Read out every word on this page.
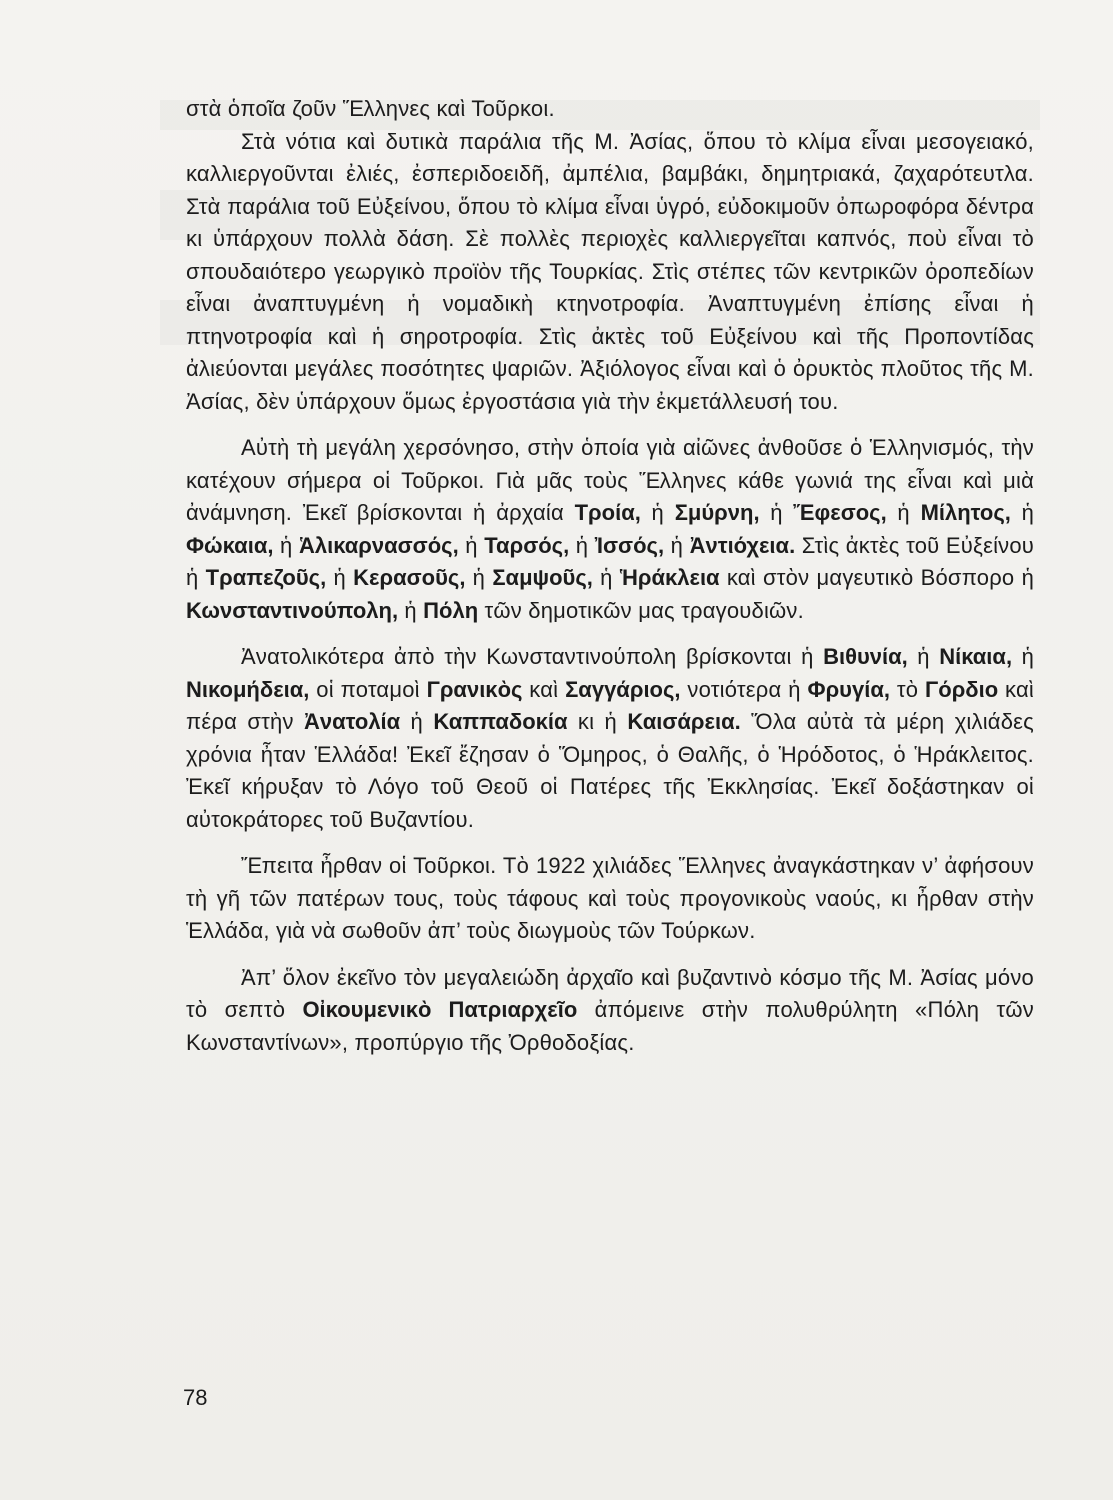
στὰ ὁποῖα ζοῦν Ἕλληνες καὶ Τοῦρκοι.

Στὰ νότια καὶ δυτικὰ παράλια τῆς Μ. Ἀσίας, ὅπου τὸ κλίμα εἶναι μεσογειακό, καλλιεργοῦνται ἐλιές, ἐσπεριδοειδῆ, ἀμπέλια, βαμβάκι, δημητριακά, ζαχαρότευτλα. Στὰ παράλια τοῦ Εὐξείνου, ὅπου τὸ κλίμα εἶναι ὑγρό, εὐδοκιμοῦν ὀπωροφόρα δέντρα κι ὑπάρχουν πολλὰ δάση. Σὲ πολλὲς περιοχὲς καλλιεργεῖται καπνός, ποὺ εἶναι τὸ σπουδαιότερο γεωργικὸ προϊὸν τῆς Τουρκίας. Στὶς στέπες τῶν κεντρικῶν ὀροπεδίων εἶναι ἀναπτυγμένη ἡ νομαδικὴ κτηνοτροφία. Ἀναπτυγμένη ἐπίσης εἶναι ἡ πτηνοτροφία καὶ ἡ σηροτροφία. Στὶς ἀκτὲς τοῦ Εὐξείνου καὶ τῆς Προποντίδας ἀλιεύονται μεγάλες ποσότητες ψαριῶν. Ἀξιόλογος εἶναι καὶ ὁ ὀρυκτὸς πλοῦτος τῆς Μ. Ἀσίας, δὲν ὑπάρχουν ὅμως ἐργοστάσια γιὰ τὴν ἐκμετάλλευσή του.

Αὐτὴ τὴ μεγάλη χερσόνησο, στὴν ὁποία γιὰ αἰῶνες ἀνθοῦσε ὁ Ἑλληνισμός, τὴν κατέχουν σήμερα οἱ Τοῦρκοι. Γιὰ μᾶς τοὺς Ἕλληνες κάθε γωνιά της εἶναι καὶ μιὰ ἀνάμνηση. Ἐκεῖ βρίσκονται ἡ ἀρχαία Τροία, ἡ Σμύρνη, ἡ Ἔφεσος, ἡ Μίλητος, ἡ Φώκαια, ἡ Ἁλικαρνασσός, ἡ Ταρσός, ἡ Ἰσσός, ἡ Ἀντιόχεια. Στὶς ἀκτὲς τοῦ Εὐξείνου ἡ Τραπεζοῦς, ἡ Κερασοῦς, ἡ Σαμψοῦς, ἡ Ἡράκλεια καὶ στὸν μαγευτικὸ Βόσπορο ἡ Κωνσταντινούπολη, ἡ Πόλη τῶν δημοτικῶν μας τραγουδιῶν.

Ἀνατολικότερα ἀπὸ τὴν Κωνσταντινούπολη βρίσκονται ἡ Βιθυνία, ἡ Νίκαια, ἡ Νικομήδεια, οἱ ποταμοὶ Γρανικὸς καὶ Σαγγάριος, νοτιότερα ἡ Φρυγία, τὸ Γόρδιο καὶ πέρα στὴν Ἀνατολία ἡ Καππαδοκία κι ἡ Καισάρεια. Ὅλα αὐτὰ τὰ μέρη χιλιάδες χρόνια ἦταν Ἑλλάδα! Ἐκεῖ ἔζησαν ὁ Ὅμηρος, ὁ Θαλῆς, ὁ Ἡρόδοτος, ὁ Ἡράκλειτος. Ἐκεῖ κήρυξαν τὸ Λόγο τοῦ Θεοῦ οἱ Πατέρες τῆς Ἐκκλησίας. Ἐκεῖ δοξάστηκαν οἱ αὐτοκράτορες τοῦ Βυζαντίου.

Ἔπειτα ἦρθαν οἱ Τοῦρκοι. Τὸ 1922 χιλιάδες Ἕλληνες ἀναγκάστηκαν ν’ ἀφήσουν τὴ γῆ τῶν πατέρων τους, τοὺς τάφους καὶ τοὺς προγονικοὺς ναούς, κι ἦρθαν στὴν Ἑλλάδα, γιὰ νὰ σωθοῦν ἀπ’ τοὺς διωγμοὺς τῶν Τούρκων.

Ἀπ’ ὅλον ἐκεῖνο τὸν μεγαλειώδη ἀρχαῖο καὶ βυζαντινὸ κόσμο τῆς Μ. Ἀσίας μόνο τὸ σεπτὸ Οἰκουμενικὸ Πατριαρχεῖο ἀπόμεινε στὴν πολυθρύλητη «Πόλη τῶν Κωνσταντίνων», προπύργιο τῆς Ὀρθοδοξίας.

78
